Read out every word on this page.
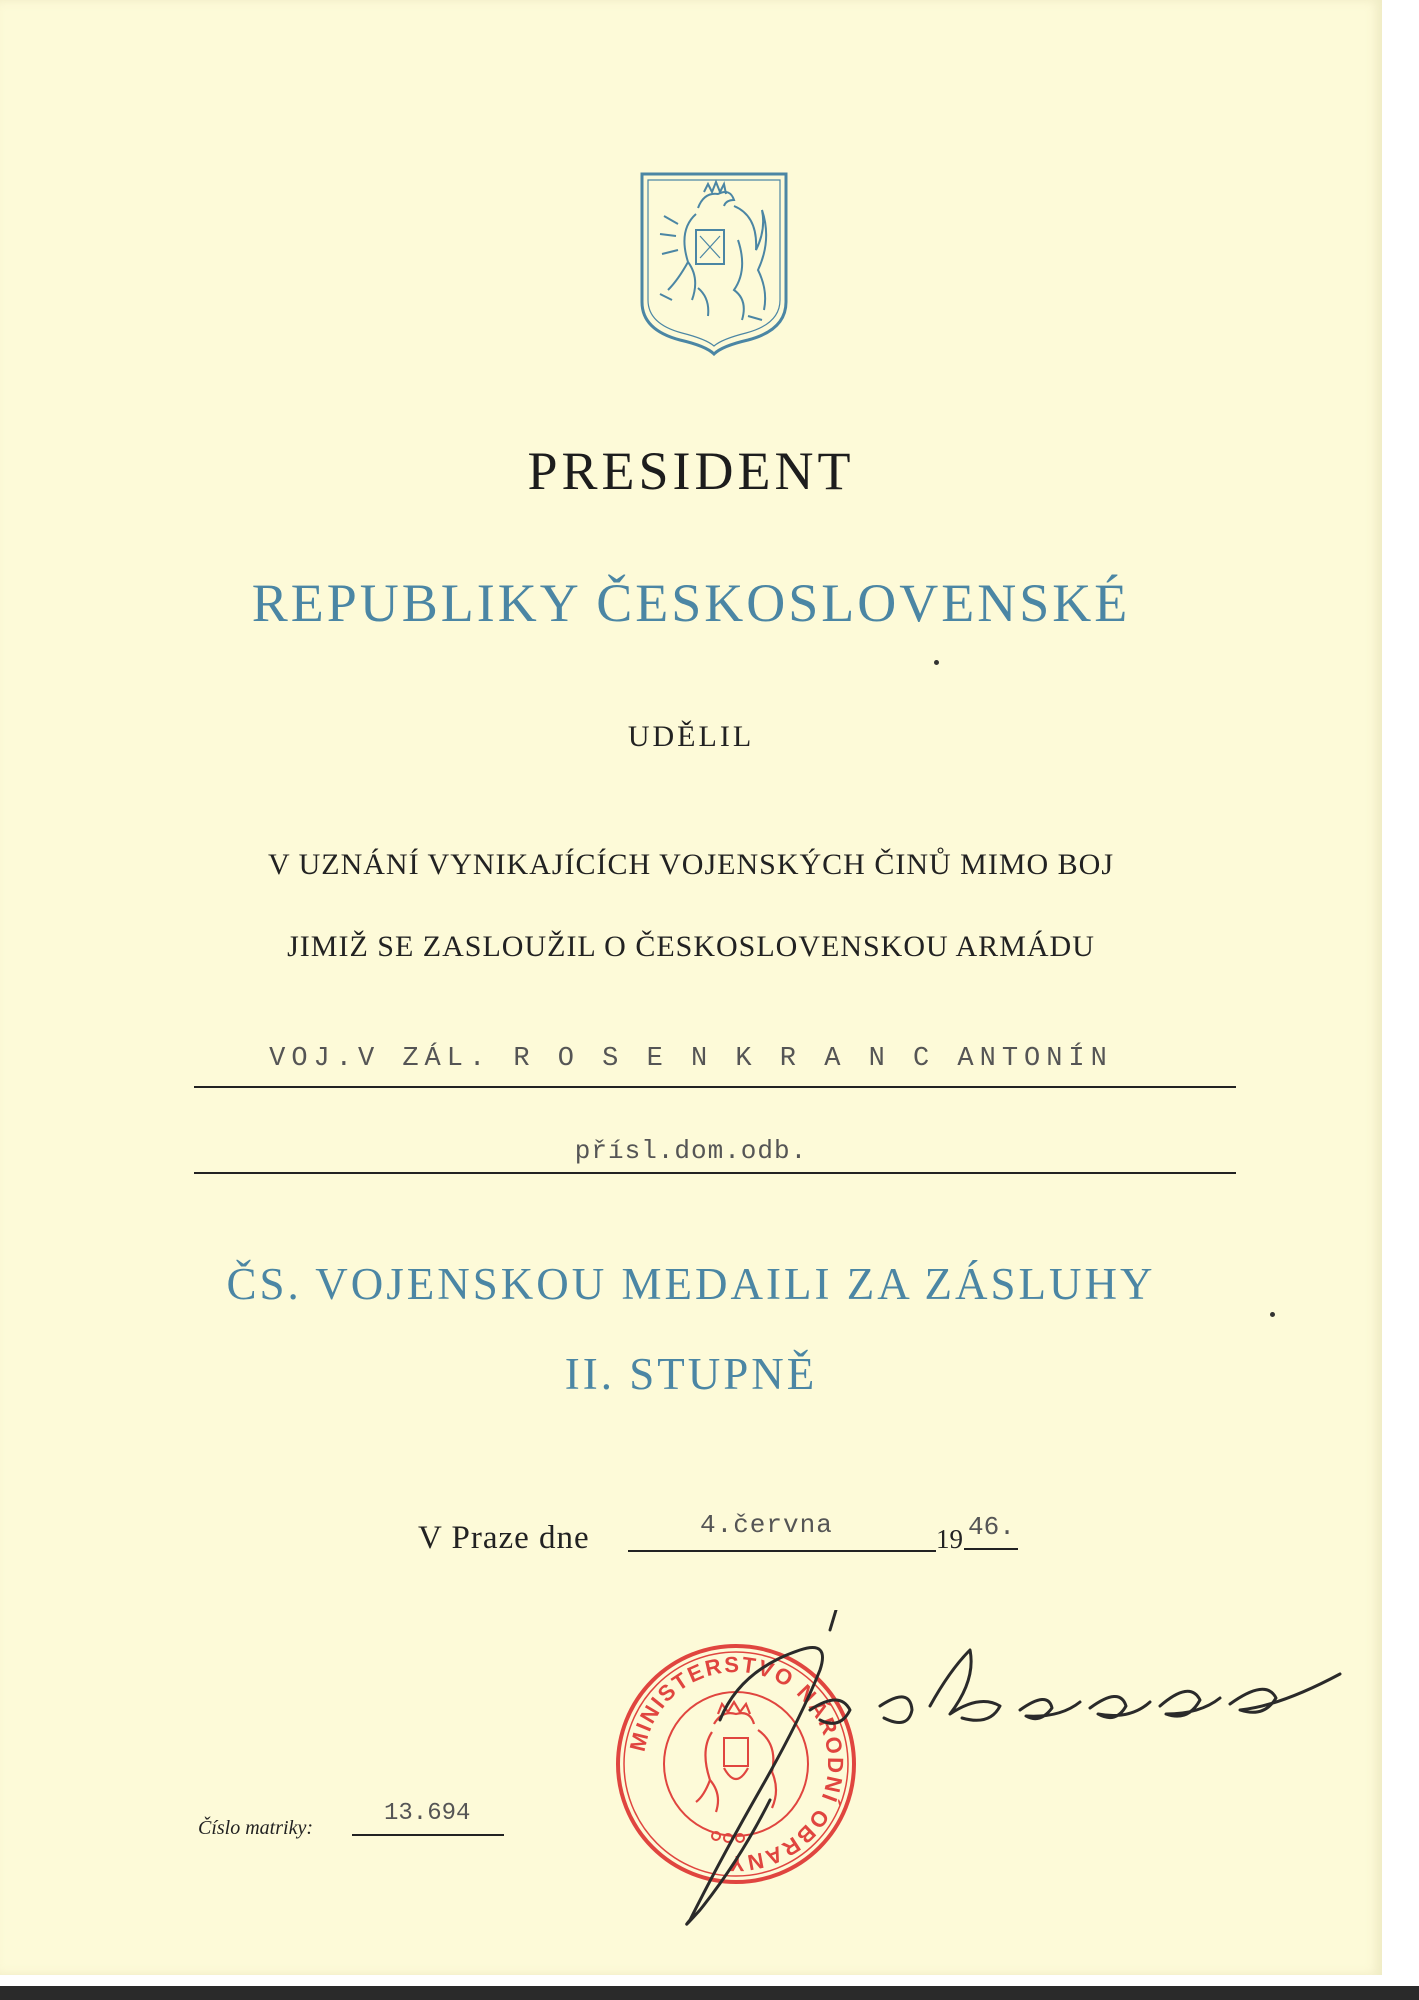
PRESIDENT
REPUBLIKY ČESKOSLOVENSKÉ
UDĚLIL
V UZNÁNÍ VYNIKAJÍCÍCH VOJENSKÝCH ČINŮ MIMO BOJ
JIMIŽ SE ZASLOUŽIL O ČESKOSLOVENSKOU ARMÁDU
VOJ.V ZÁL. R O S E N K R A N C ANTONÍN
přísl.dom.odb.
ČS. VOJENSKOU MEDAILI ZA ZÁSLUHY
II. STUPNĚ
V Praze dne	4.června	19 46.
MINISTERSTVO NÁRODNÍ OBRANY
Číslo matriky:
13.694
